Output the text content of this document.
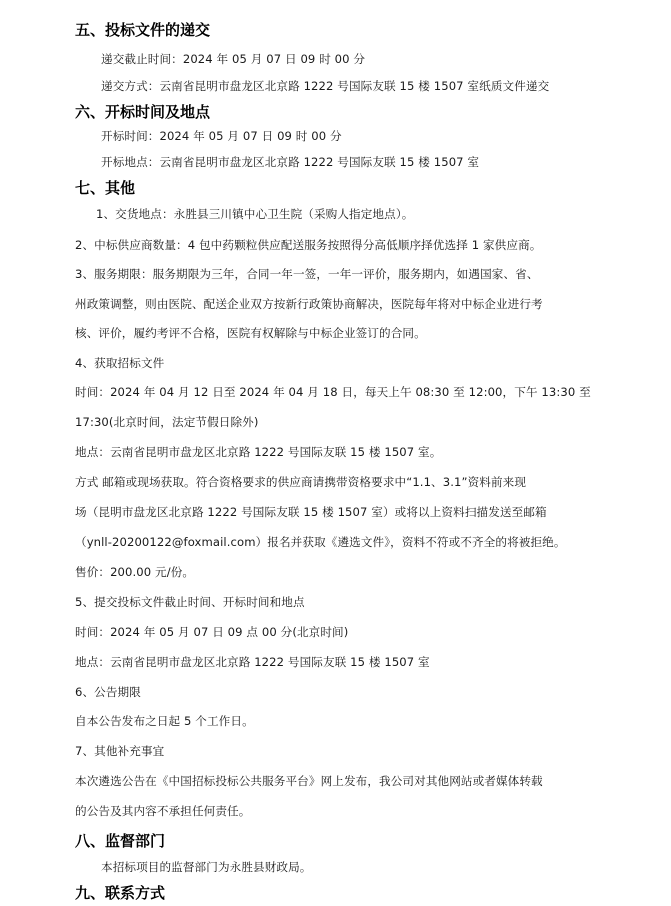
五、投标文件的递交
递交截止时间：2024 年 05 月 07 日 09 时 00 分
递交方式：云南省昆明市盘龙区北京路 1222 号国际友联 15 楼 1507 室纸质文件递交
六、开标时间及地点
开标时间：2024 年 05 月 07 日 09 时 00 分
开标地点：云南省昆明市盘龙区北京路 1222 号国际友联 15 楼 1507 室
七、其他
1、交货地点：永胜县三川镇中心卫生院（采购人指定地点）。
2、中标供应商数量：4 包中药颗粒供应配送服务按照得分高低顺序择优选择 1 家供应商。
3、服务期限：服务期限为三年，合同一年一签，一年一评价，服务期内，如遇国家、省、
州政策调整，则由医院、配送企业双方按新行政策协商解决，医院每年将对中标企业进行考
核、评价，履约考评不合格，医院有权解除与中标企业签订的合同。
4、获取招标文件
时间：2024 年 04 月 12 日至 2024 年 04 月 18 日，每天上午 08:30 至 12:00，下午 13:30 至
17:30(北京时间，法定节假日除外)
地点：云南省昆明市盘龙区北京路 1222 号国际友联 15 楼 1507 室。
方式 邮箱或现场获取。符合资格要求的供应商请携带资格要求中“1.1、3.1”资料前来现
场（昆明市盘龙区北京路 1222 号国际友联 15 楼 1507 室）或将以上资料扫描发送至邮箱
（ynll-20200122@foxmail.com）报名并获取《遴选文件》，资料不符或不齐全的将被拒绝。
售价：200.00 元/份。
5、提交投标文件截止时间、开标时间和地点
时间：2024 年 05 月 07 日 09 点 00 分(北京时间)
地点：云南省昆明市盘龙区北京路 1222 号国际友联 15 楼 1507 室
6、公告期限
自本公告发布之日起 5 个工作日。
7、其他补充事宜
本次遴选公告在《中国招标投标公共服务平台》网上发布，我公司对其他网站或者媒体转载
的公告及其内容不承担任何责任。
八、监督部门
本招标项目的监督部门为永胜县财政局。
九、联系方式
